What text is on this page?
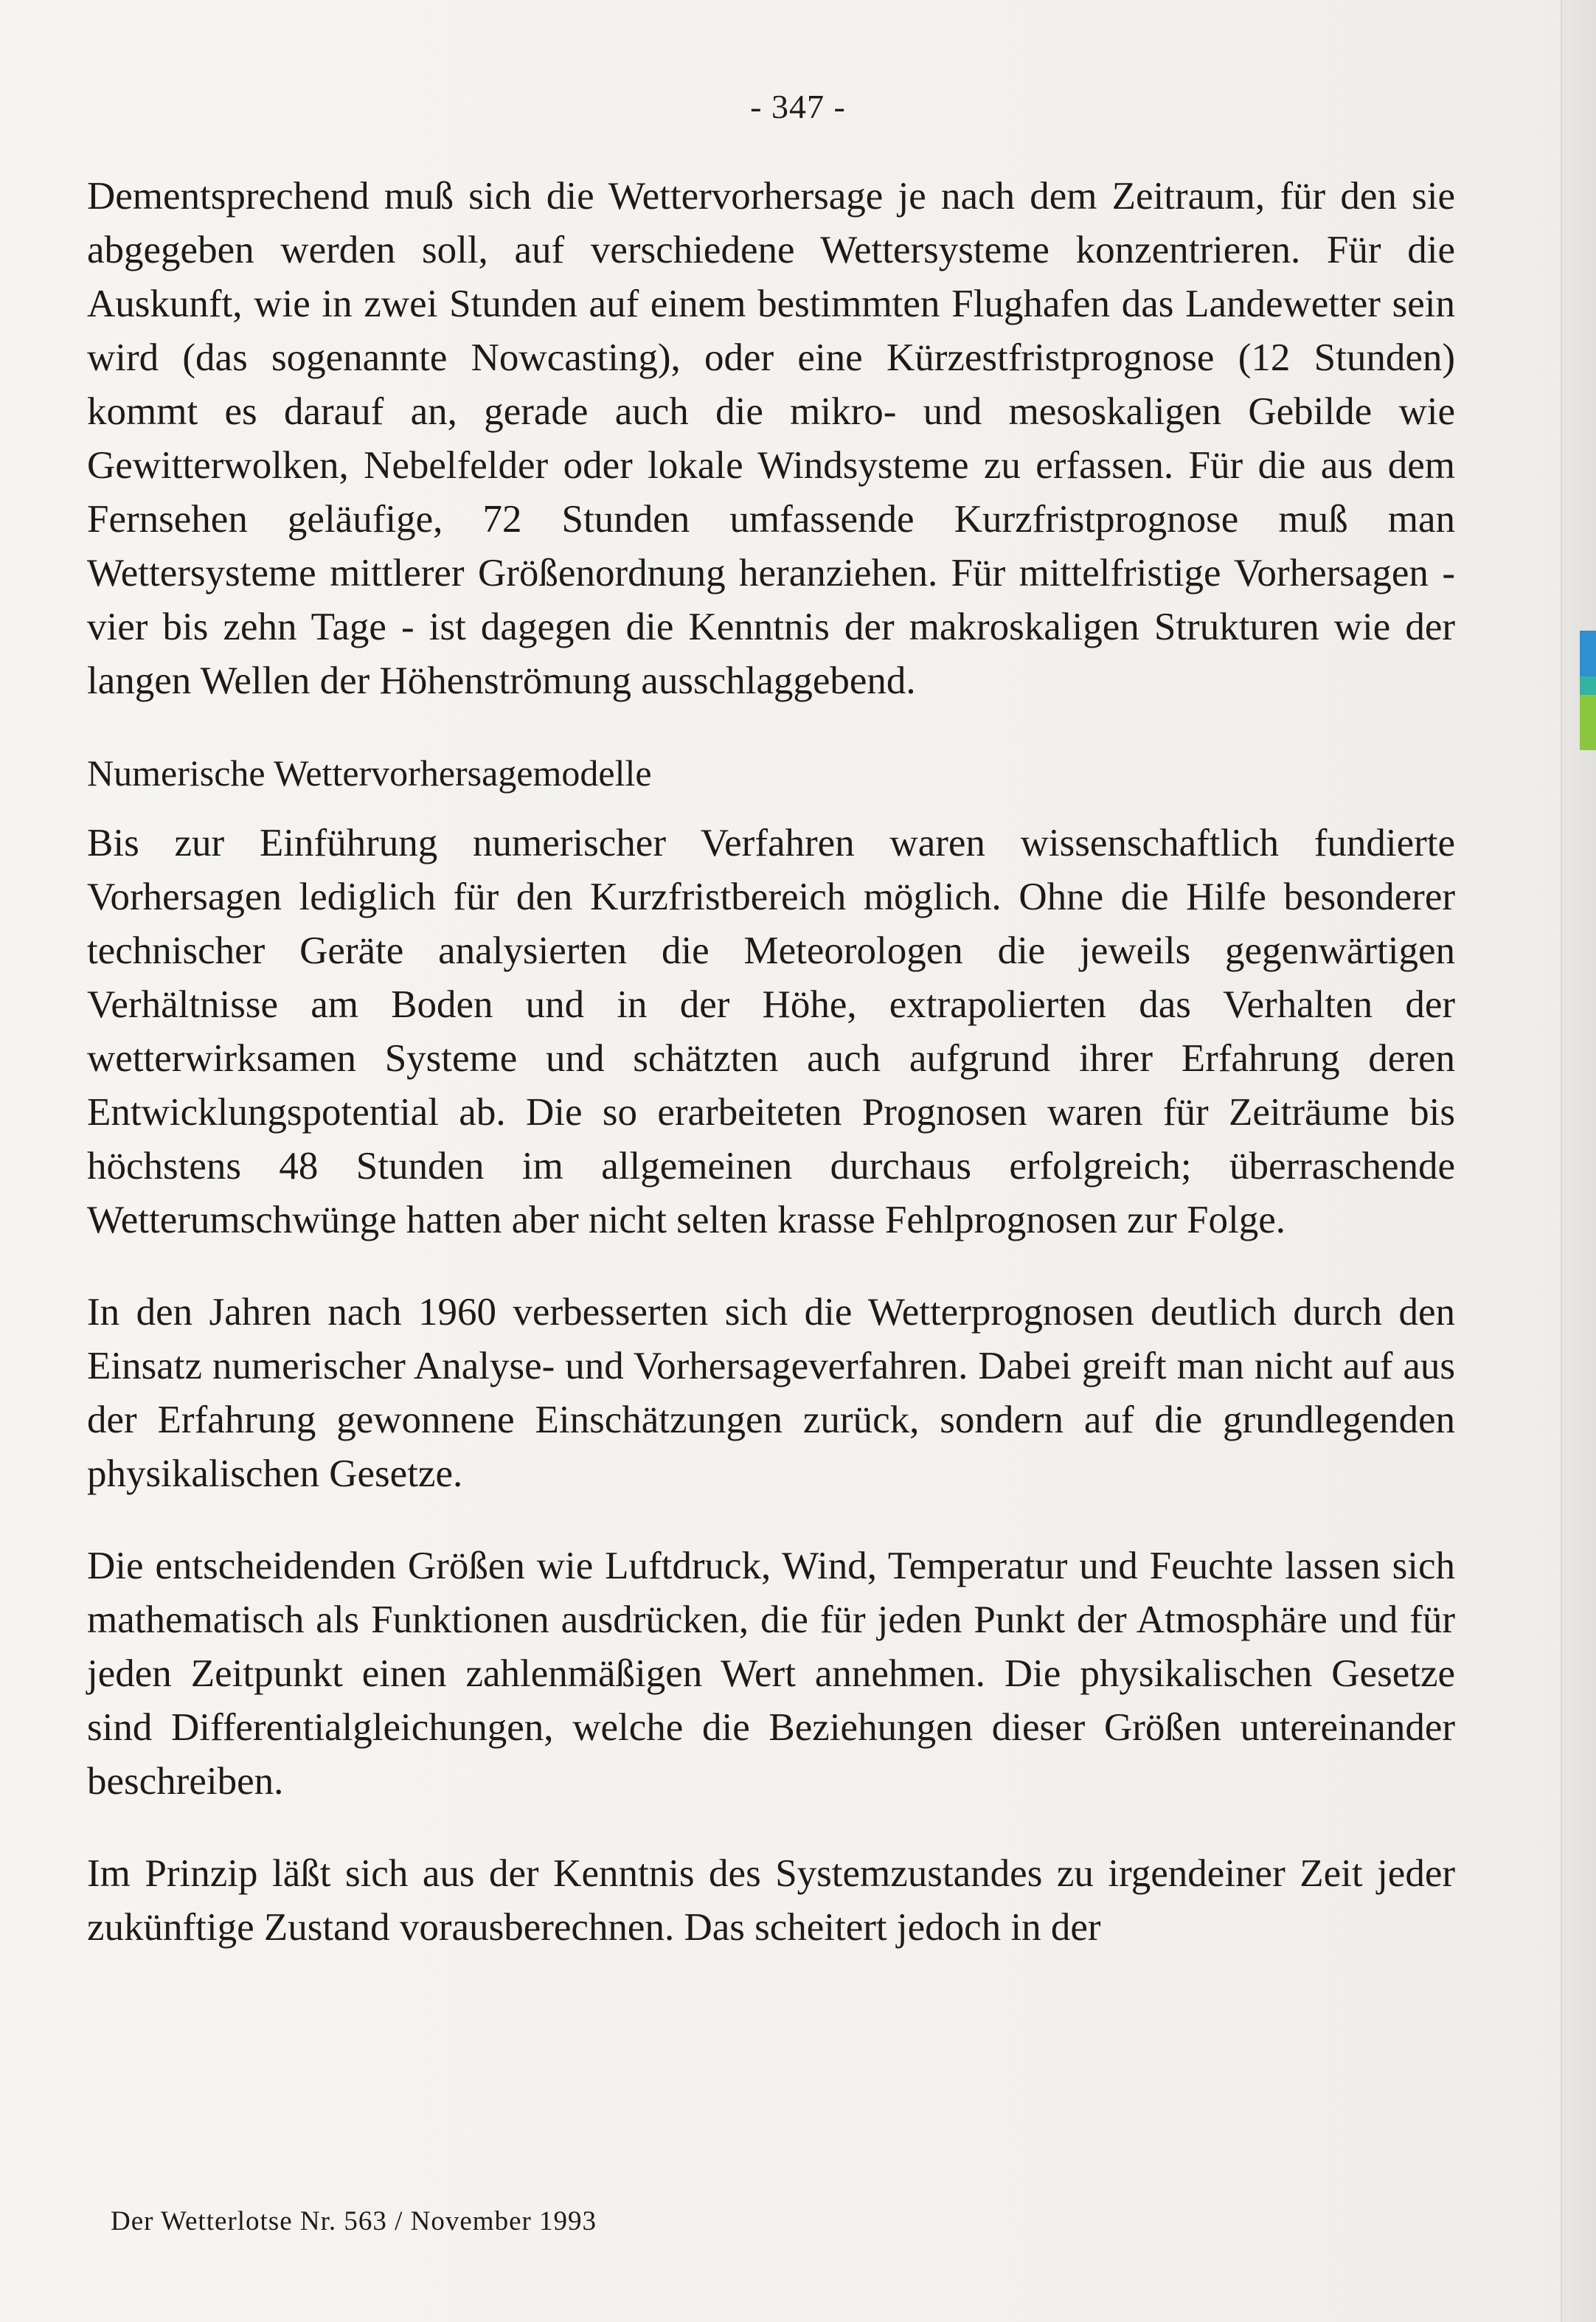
- 347 -

Dementsprechend muß sich die Wettervorhersage je nach dem Zeitraum, für den sie abgegeben werden soll, auf verschiedene Wettersysteme konzentrieren. Für die Auskunft, wie in zwei Stunden auf einem bestimmten Flughafen das Landewetter sein wird (das sogenannte Nowcasting), oder eine Kürzestfristprognose (12 Stunden) kommt es darauf an, gerade auch die mikro- und mesoskaligen Gebilde wie Gewitterwolken, Nebelfelder oder lokale Windsysteme zu erfassen. Für die aus dem Fernsehen geläufige, 72 Stunden umfassende Kurzfristprognose muß man Wettersysteme mittlerer Größenordnung heranziehen. Für mittelfristige Vorhersagen - vier bis zehn Tage - ist dagegen die Kenntnis der makroskaligen Strukturen wie der langen Wellen der Höhenströmung ausschlaggebend.

Numerische Wettervorhersagemodelle

Bis zur Einführung numerischer Verfahren waren wissenschaftlich fundierte Vorhersagen lediglich für den Kurzfristbereich möglich. Ohne die Hilfe besonderer technischer Geräte analysierten die Meteorologen die jeweils gegenwärtigen Verhältnisse am Boden und in der Höhe, extrapolierten das Verhalten der wetterwirksamen Systeme und schätzten auch aufgrund ihrer Erfahrung deren Entwicklungspotential ab. Die so erarbeiteten Prognosen waren für Zeiträume bis höchstens 48 Stunden im allgemeinen durchaus erfolgreich; überraschende Wetterumschwünge hatten aber nicht selten krasse Fehlprognosen zur Folge.

In den Jahren nach 1960 verbesserten sich die Wetterprognosen deutlich durch den Einsatz numerischer Analyse- und Vorhersageverfahren. Dabei greift man nicht auf aus der Erfahrung gewonnene Einschätzungen zurück, sondern auf die grundlegenden physikalischen Gesetze.

Die entscheidenden Größen wie Luftdruck, Wind, Temperatur und Feuchte lassen sich mathematisch als Funktionen ausdrücken, die für jeden Punkt der Atmosphäre und für jeden Zeitpunkt einen zahlenmäßigen Wert annehmen. Die physikalischen Gesetze sind Differentialgleichungen, welche die Beziehungen dieser Größen untereinander beschreiben.

Im Prinzip läßt sich aus der Kenntnis des Systemzustandes zu irgendeiner Zeit jeder zukünftige Zustand vorausberechnen. Das scheitert jedoch in der

Der Wetterlotse Nr. 563 / November 1993
